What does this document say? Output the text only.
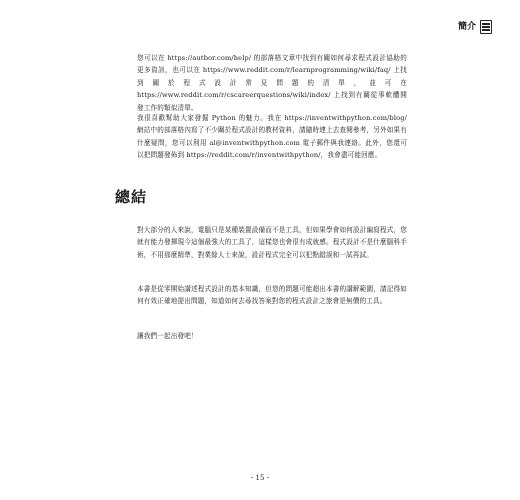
簡介

您可以在 https://autbor.com/help/ 的部落格文章中找到有關如何尋求程式設計協助的更多資訊，也可以在 https://www.reddit.com/r/learnprogramming/wiki/faq/ 上找到關於程式設計常見問題的清單，並可在 https://www.reddit.com/r/cscareerquestions/wiki/index/ 上找到有關從事軟體開發工作的類似清單。

我很喜歡幫助大家發掘 Python 的魅力。我在 https://inventwithpython.com/blog/ 網站中的部落格內寫了不少關於程式設計的教材資料，請隨時連上去查閱參考，另外如果有什麼疑問，您可以利用 al@inventwithpython.com 電子郵件與我連絡。此外，您還可以把問題發佈到 https://reddit.com/r/inventwithpython/，我會盡可能回應。

總結

對大部分的人來說，電腦只是某種裝置設備而不是工具，但如果學會如何設計編寫程式，您就有能力發揮現今這個最強大的工具了，這樣您也會很有成就感。程式設計不是什麼腦科手術，不用那麼精準，對業餘人士來說，設計程式完全可以犯點錯誤和一試再試。

本書是從零開始講述程式設計的基本知識，但您的問題可能超出本書的講解範圍，請記得如何有效正確地提出問題，知道如何去尋找答案對您的程式設計之旅會是無價的工具。

讓我們一起出發吧！

- 15 -
